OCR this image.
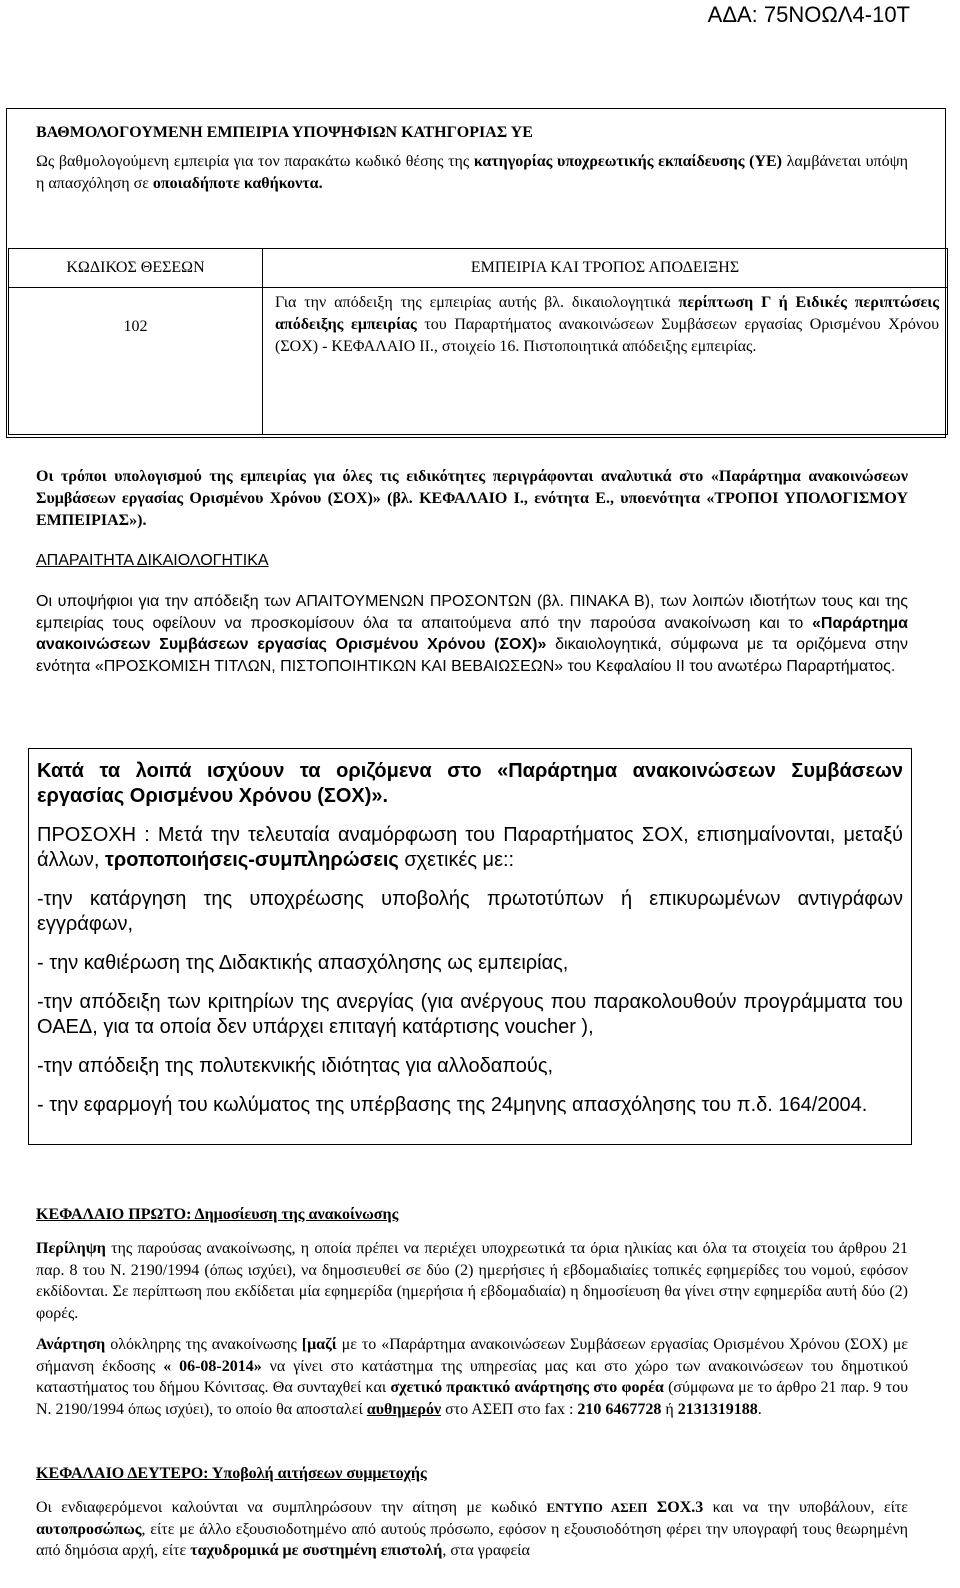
ΑΔΑ: 75ΝΟΩΛ4-10Τ
ΒΑΘΜΟΛΟΓΟΥΜΕΝΗ ΕΜΠΕΙΡΙΑ ΥΠΟΨΗΦΙΩΝ ΚΑΤΗΓΟΡΙΑΣ ΥΕ
Ως βαθμολογούμενη εμπειρία για τον παρακάτω κωδικό θέσης της κατηγορίας υποχρεωτικής εκπαίδευσης (ΥΕ) λαμβάνεται υπόψη η απασχόληση σε οποιαδήποτε καθήκοντα.
ΚΩΔΙΚΟΣ ΘΕΣΕΩΝ	ΕΜΠΕΙΡΙΑ ΚΑΙ ΤΡΟΠΟΣ ΑΠΟΔΕΙΞΗΣ
102	Για την απόδειξη της εμπειρίας αυτής βλ. δικαιολογητικά περίπτωση Γ ή Ειδικές περιπτώσεις απόδειξης εμπειρίας του Παραρτήματος ανακοινώσεων Συμβάσεων εργασίας Ορισμένου Χρόνου (ΣΟΧ) - ΚΕΦΑΛΑΙΟ ΙΙ., στοιχείο 16. Πιστοποιητικά απόδειξης εμπειρίας.
Οι τρόποι υπολογισμού της εμπειρίας για όλες τις ειδικότητες περιγράφονται αναλυτικά στο «Παράρτημα ανακοινώσεων Συμβάσεων εργασίας Ορισμένου Χρόνου (ΣΟΧ)» (βλ. ΚΕΦΑΛΑΙΟ Ι., ενότητα Ε., υποενότητα «ΤΡΟΠΟΙ ΥΠΟΛΟΓΙΣΜΟΥ ΕΜΠΕΙΡΙΑΣ»).
ΑΠΑΡΑΙΤΗΤΑ ΔΙΚΑΙΟΛΟΓΗΤΙΚΑ
Οι υποψήφιοι για την απόδειξη των ΑΠΑΙΤΟΥΜΕΝΩΝ ΠΡΟΣΟΝΤΩΝ (βλ. ΠΙΝΑΚΑ Β), των λοιπών ιδιοτήτων τους και της εμπειρίας τους οφείλουν να προσκομίσουν όλα τα απαιτούμενα από την παρούσα ανακοίνωση και το «Παράρτημα ανακοινώσεων Συμβάσεων εργασίας Ορισμένου Χρόνου (ΣΟΧ)» δικαιολογητικά, σύμφωνα με τα οριζόμενα στην ενότητα «ΠΡΟΣΚΟΜΙΣΗ ΤΙΤΛΩΝ, ΠΙΣΤΟΠΟΙΗΤΙΚΩΝ ΚΑΙ ΒΕΒΑΙΩΣΕΩΝ» του Κεφαλαίου ΙΙ του ανωτέρω Παραρτήματος.

Κατά τα λοιπά ισχύουν τα οριζόμενα στο «Παράρτημα ανακοινώσεων Συμβάσεων εργασίας Ορισμένου Χρόνου (ΣΟΧ)».

ΠΡΟΣΟΧΗ : Μετά την τελευταία αναμόρφωση του Παραρτήματος ΣΟΧ, επισημαίνονται, μεταξύ άλλων, τροποποιήσεις-συμπληρώσεις σχετικές με::

-την κατάργηση της υποχρέωσης υποβολής πρωτοτύπων ή επικυρωμένων αντιγράφων εγγράφων,

- την καθιέρωση της Διδακτικής απασχόλησης ως εμπειρίας,

-την απόδειξη των κριτηρίων της ανεργίας (για ανέργους που παρακολουθούν προγράμματα του ΟΑΕΔ, για τα οποία δεν υπάρχει επιταγή κατάρτισης voucher ),

-την απόδειξη της πολυτεκνικής ιδιότητας για αλλοδαπούς,

- την εφαρμογή του κωλύματος της υπέρβασης της 24μηνης απασχόλησης του π.δ. 164/2004.

ΚΕΦΑΛΑΙΟ ΠΡΩΤΟ: Δημοσίευση της ανακοίνωσης
Περίληψη της παρούσας ανακοίνωσης, η οποία πρέπει να περιέχει υποχρεωτικά τα όρια ηλικίας και όλα τα στοιχεία του άρθρου 21 παρ. 8 του Ν. 2190/1994 (όπως ισχύει), να δημοσιευθεί σε δύο (2) ημερήσιες ή εβδομαδιαίες τοπικές εφημερίδες του νομού, εφόσον εκδίδονται. Σε περίπτωση που εκδίδεται μία εφημερίδα (ημερήσια ή εβδομαδιαία) η δημοσίευση θα γίνει στην εφημερίδα αυτή δύο (2) φορές.
Ανάρτηση ολόκληρης της ανακοίνωσης [μαζί με το «Παράρτημα ανακοινώσεων Συμβάσεων εργασίας Ορισμένου Χρόνου (ΣΟΧ) με σήμανση έκδοσης « 06-08-2014» να γίνει στο κατάστημα της υπηρεσίας μας και στο χώρο των ανακοινώσεων του δημοτικού καταστήματος του δήμου Κόνιτσας. Θα συνταχθεί και σχετικό πρακτικό ανάρτησης στο φορέα (σύμφωνα με το άρθρο 21 παρ. 9 του Ν. 2190/1994 όπως ισχύει), το οποίο θα αποσταλεί αυθημερόν στο ΑΣΕΠ στο fax : 210 6467728 ή 2131319188.
ΚΕΦΑΛΑΙΟ ΔΕΥΤΕΡΟ: Υποβολή αιτήσεων συμμετοχής
Οι ενδιαφερόμενοι καλούνται να συμπληρώσουν την αίτηση με κωδικό ΕΝΤΥΠΟ ΑΣΕΠ ΣΟΧ.3 και να την υποβάλουν, είτε αυτοπροσώπως, είτε με άλλο εξουσιοδοτημένο από αυτούς πρόσωπο, εφόσον η εξουσιοδότηση φέρει την υπογραφή τους θεωρημένη από δημόσια αρχή, είτε ταχυδρομικά με συστημένη επιστολή, στα γραφεία
